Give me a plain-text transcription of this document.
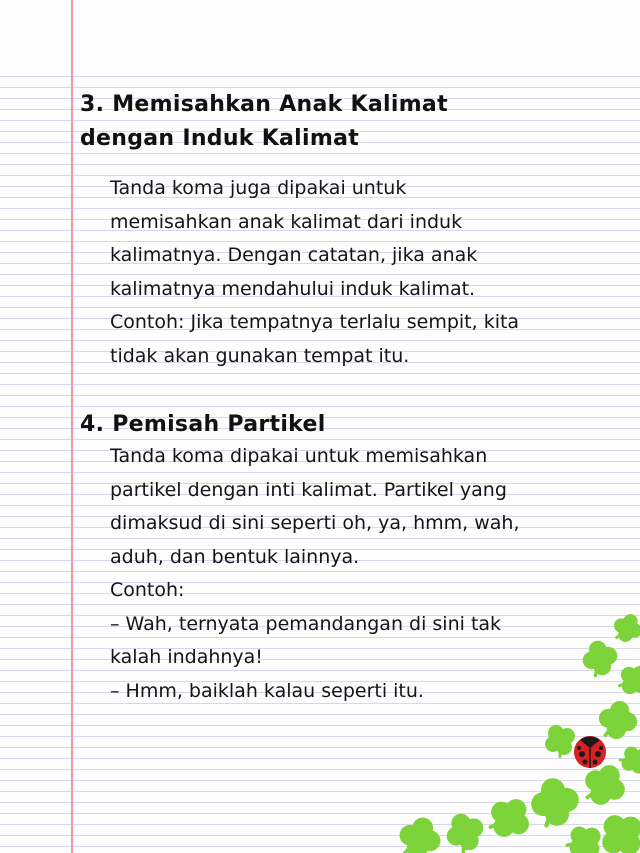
3. Memisahkan Anak Kalimat
dengan Induk Kalimat
Tanda koma juga dipakai untuk
memisahkan anak kalimat dari induk
kalimatnya. Dengan catatan, jika anak
kalimatnya mendahului induk kalimat.
Contoh: Jika tempatnya terlalu sempit, kita
tidak akan gunakan tempat itu.
4. Pemisah Partikel
Tanda koma dipakai untuk memisahkan
partikel dengan inti kalimat. Partikel yang
dimaksud di sini seperti oh, ya, hmm, wah,
aduh, dan bentuk lainnya.
Contoh:
– Wah, ternyata pemandangan di sini tak
kalah indahnya!
– Hmm, baiklah kalau seperti itu.
